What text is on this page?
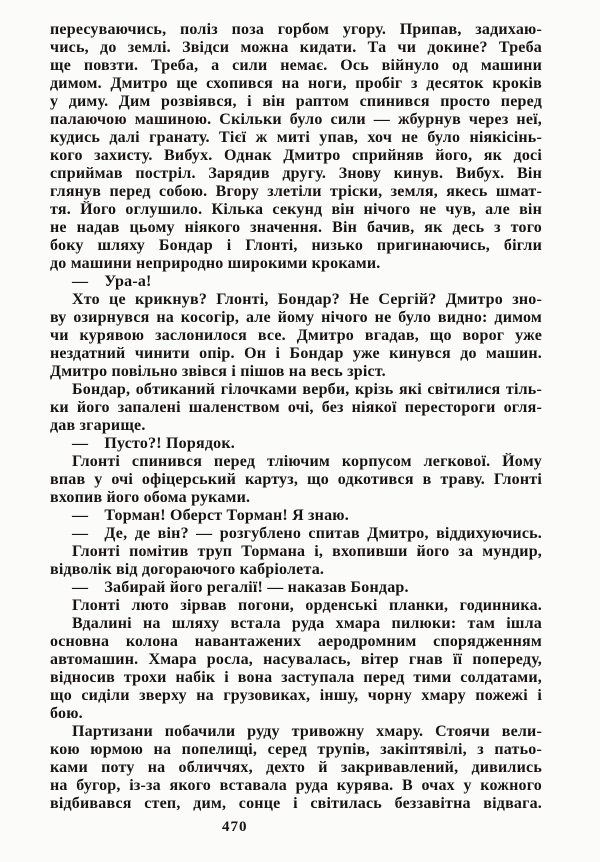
пересуваючись, поліз поза горбом угору. Припав, задихаю-
чись, до землі. Звідси можна кидати. Та чи докине? Треба
ще повзти. Треба, а сили немає. Ось війнуло од машини
димом. Дмитро ще схопився на ноги, пробіг з десяток кроків
у диму. Дим розвіявся, і він раптом спинився просто перед
палаючою машиною. Скільки було сили — жбурнув через неї,
кудись далі гранату. Тієї ж миті упав, хоч не було ніякісінь-
кого захисту. Вибух. Однак Дмитро сприйняв його, як досі
сприймав постріл. Зарядив другу. Знову кинув. Вибух. Він
глянув перед собою. Вгору злетіли тріски, земля, якесь шмат-
тя. Його оглушило. Кілька секунд він нічого не чув, але він
не надав цьому ніякого значення. Він бачив, як десь з того
боку шляху Бондар і Глонті, низько пригинаючись, бігли
до машини неприродно широкими кроками.
— Ура-а!
Хто це крикнув? Глонті, Бондар? Не Сергій? Дмитро зно-
ву озирнувся на косогір, але йому нічого не було видно: димом
чи курявою заслонилося все. Дмитро вгадав, що ворог уже
нездатний чинити опір. Он і Бондар уже кинувся до машин.
Дмитро повільно звівся і пішов на весь зріст.
Бондар, обтиканий гілочками верби, крізь які світилися тіль-
ки його запалені шаленством очі, без ніякої перестороги огля-
дав згарище.
— Пусто?! Порядок.
Глонті спинився перед тліючим корпусом легкової. Йому
впав у очі офіцерський картуз, що одкотився в траву. Глонті
вхопив його обома руками.
— Торман! Оберст Торман! Я знаю.
— Де, де він? — розгублено спитав Дмитро, віддихуючись.
Глонті помітив труп Тормана і, вхопивши його за мундир,
відволік від догораючого кабріолета.
— Забирай його регалії! — наказав Бондар.
Глонті люто зірвав погони, орденські планки, годинника.
Вдалині на шляху встала руда хмара пилюки: там ішла
основна колона навантажених аеродромним спорядженням
автомашин. Хмара росла, насувалась, вітер гнав її попереду,
відносив трохи набік і вона заступала перед тими солдатами,
що сиділи зверху на грузовиках, іншу, чорну хмару пожежі і
бою.
Партизани побачили руду тривожну хмару. Стоячи вели-
кою юрмою на попелищі, серед трупів, закіптявілі, з патьо-
ками поту на обличчях, дехто й закривавлений, дивились
на бугор, із-за якого вставала руда курява. В очах у кожного
відбивався степ, дим, сонце і світилась беззавітна відвага.
470
